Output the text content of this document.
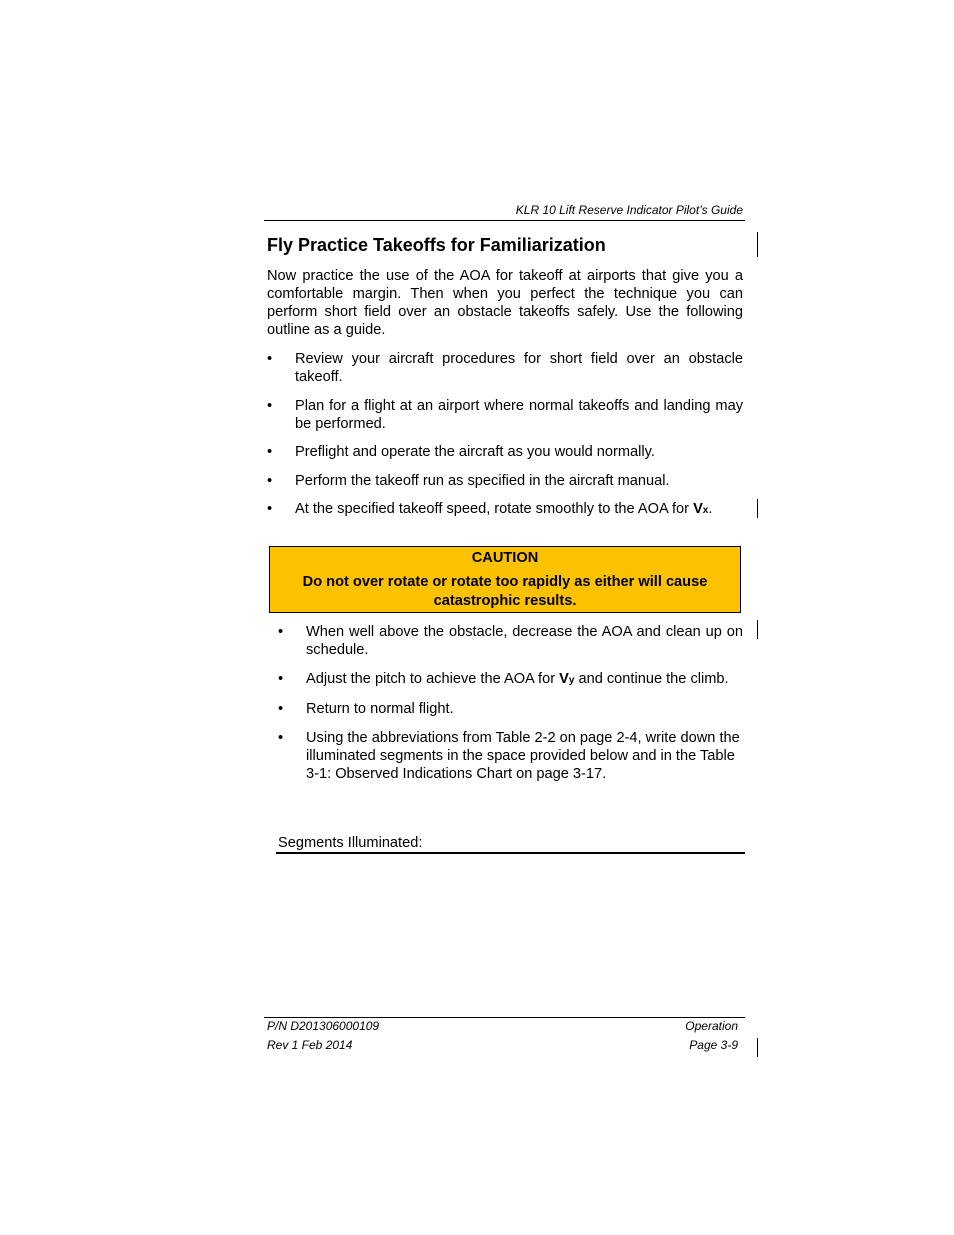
KLR 10 Lift Reserve Indicator Pilot’s Guide
Fly Practice Takeoffs for Familiarization

Now practice the use of the AOA for takeoff at airports that give you a comfortable margin. Then when you perfect the technique you can perform short field over an obstacle takeoffs safely. Use the following outline as a guide.

• Review your aircraft procedures for short field over an obstacle takeoff.
• Plan for a flight at an airport where normal takeoffs and landing may be performed.
• Preflight and operate the aircraft as you would normally.
• Perform the takeoff run as specified in the aircraft manual.
• At the specified takeoff speed, rotate smoothly to the AOA for Vx.
CAUTION
Do not over rotate or rotate too rapidly as either will cause catastrophic results.
• When well above the obstacle, decrease the AOA and clean up on schedule.
• Adjust the pitch to achieve the AOA for Vy and continue the climb.
• Return to normal flight.
• Using the abbreviations from Table 2-2 on page 2-4, write down the illuminated segments in the space provided below and in the Table 3-1: Observed Indications Chart on page 3-17.
Segments Illuminated:
P/N D201306000109
Rev 1 Feb 2014
Operation
Page 3-9
